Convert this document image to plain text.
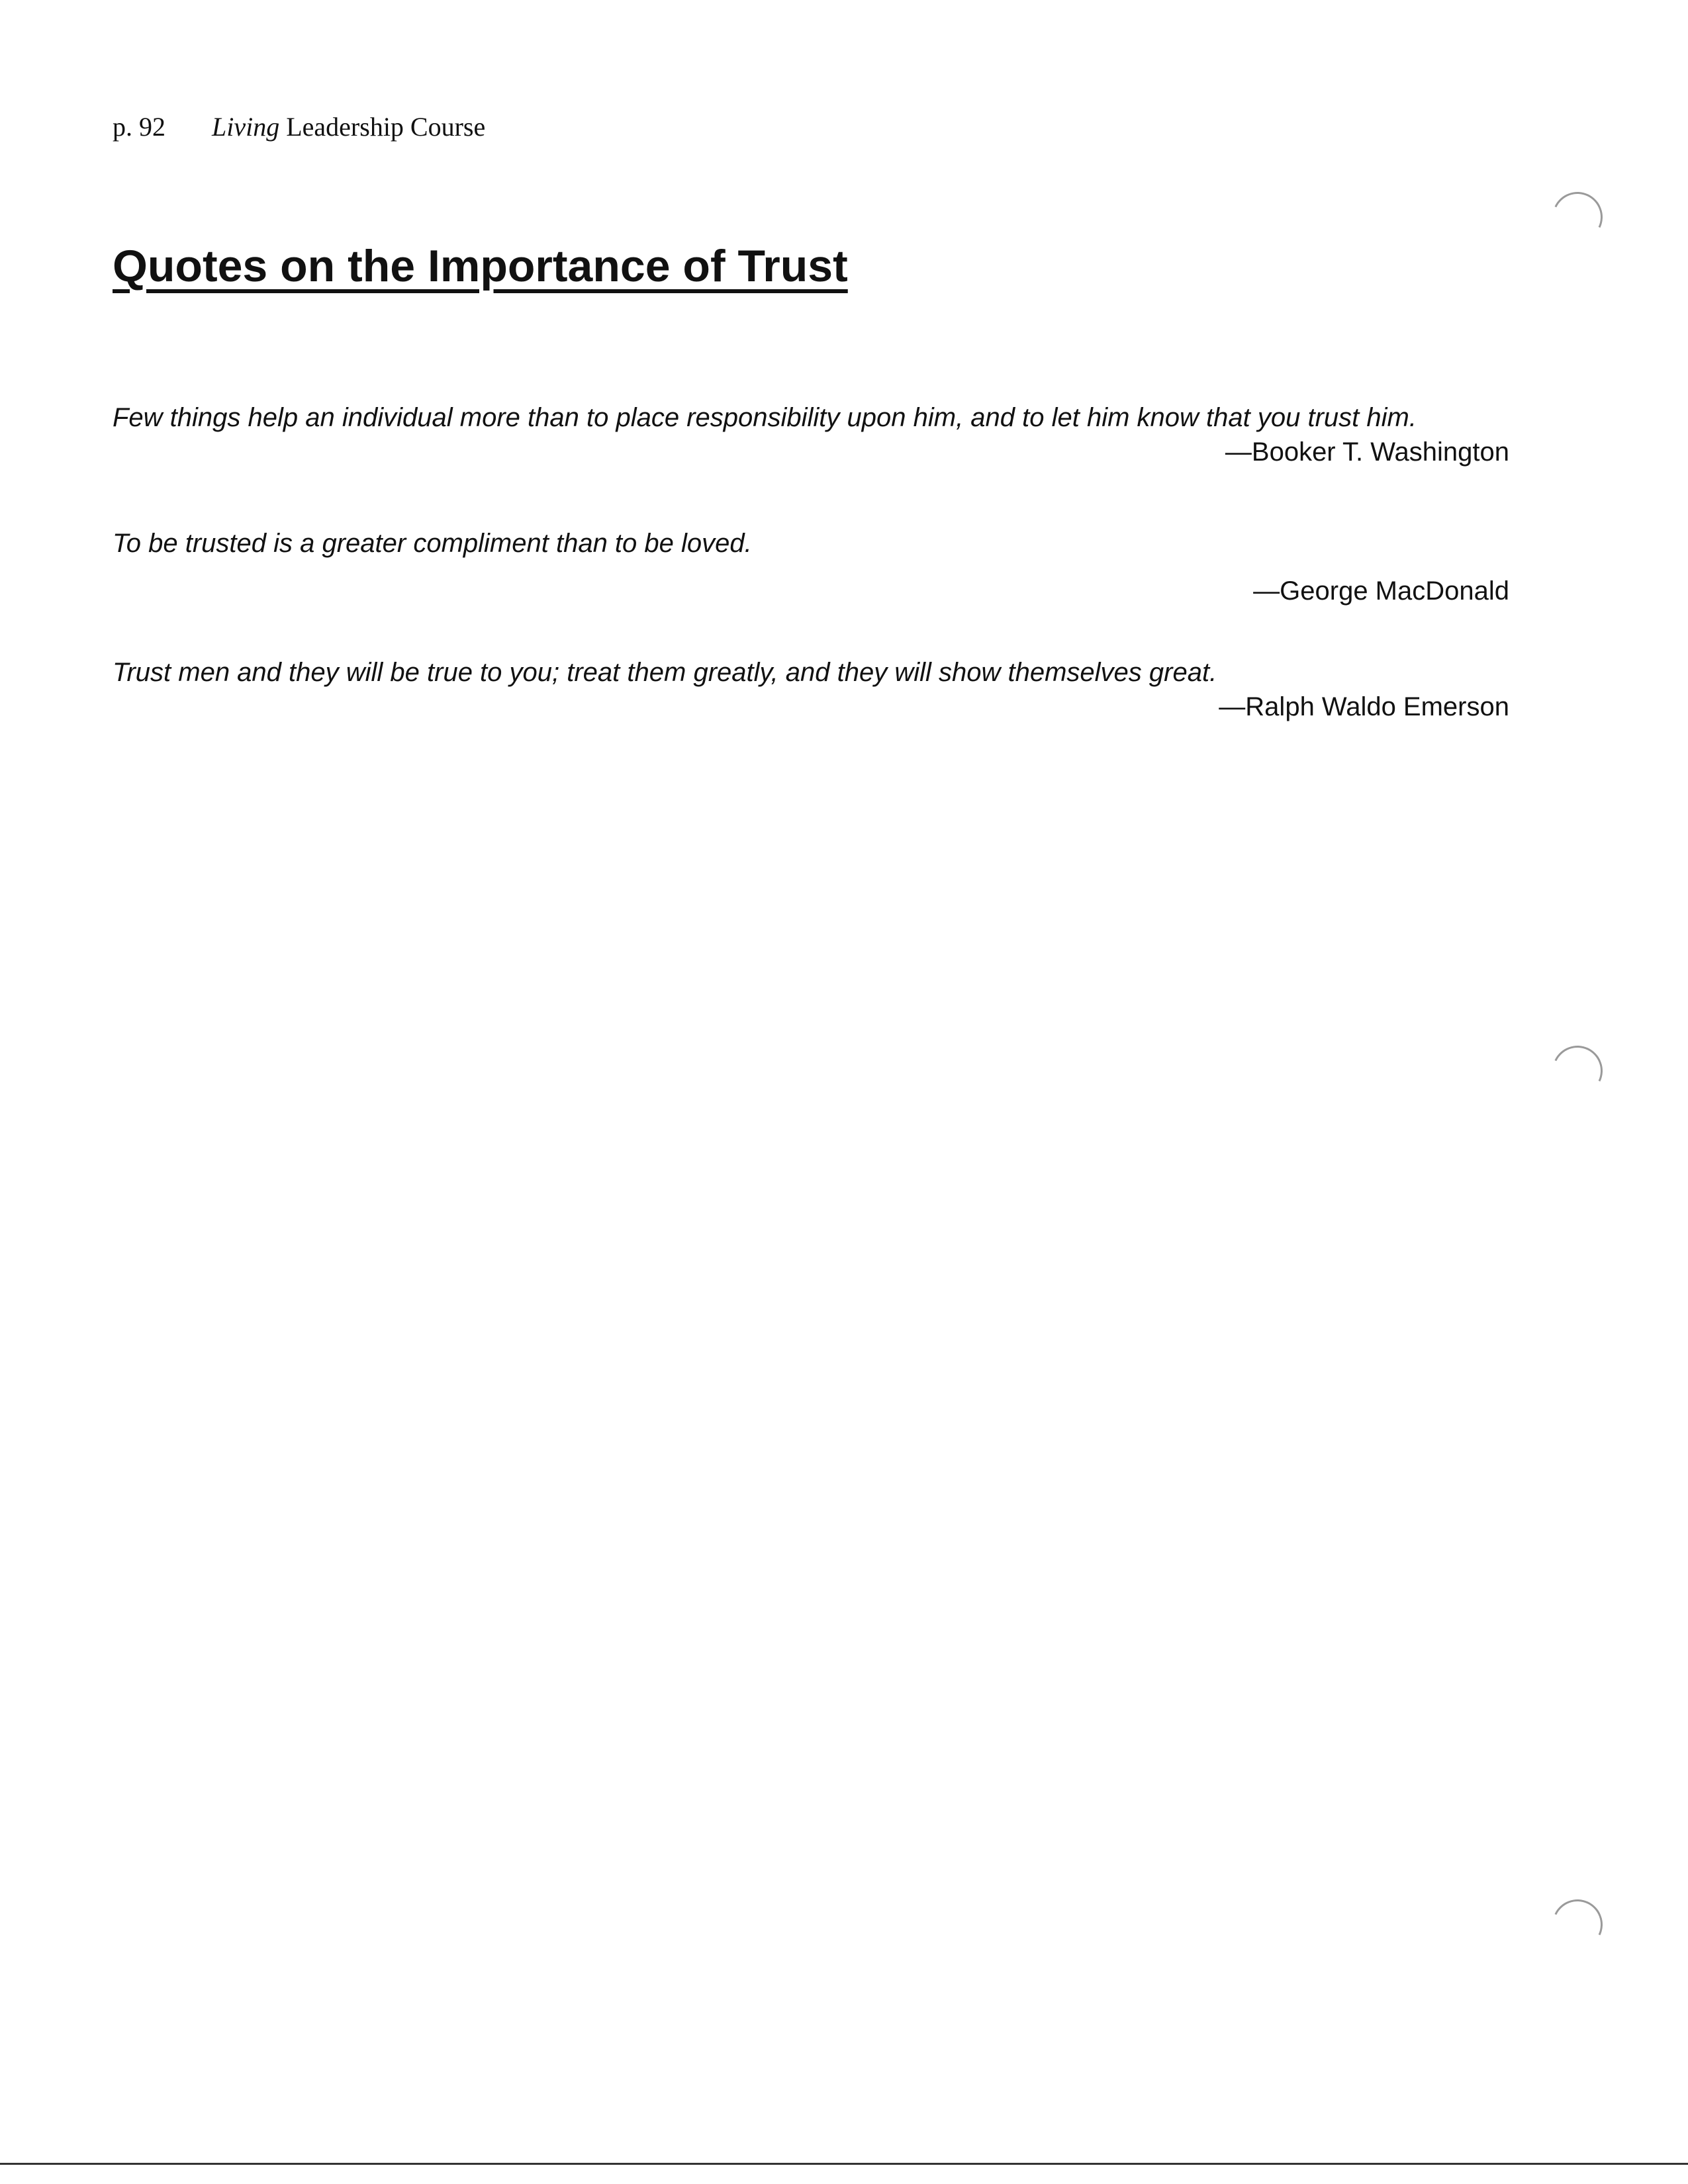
p. 92 Living Leadership Course
Quotes on the Importance of Trust

Few things help an individual more than to place responsibility upon him, and to let him know that you trust him.

—Booker T. Washington

To be trusted is a greater compliment than to be loved.

—George MacDonald

Trust men and they will be true to you; treat them greatly, and they will show themselves great.

—Ralph Waldo Emerson
